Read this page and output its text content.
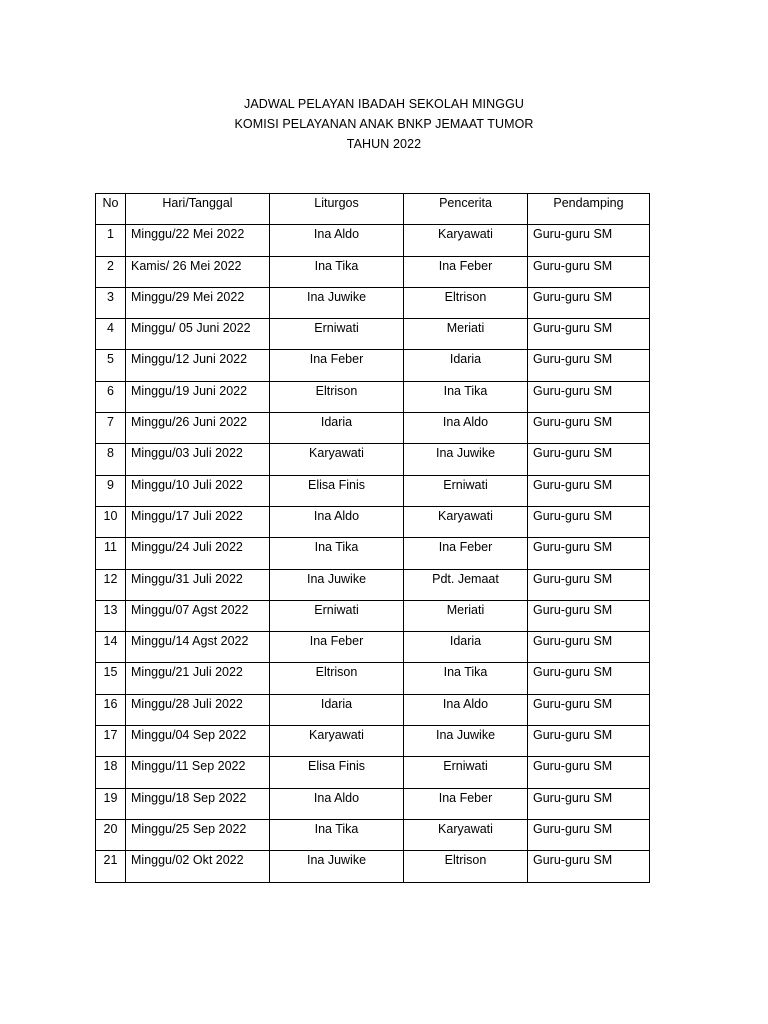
JADWAL PELAYAN IBADAH SEKOLAH MINGGU
KOMISI PELAYANAN ANAK BNKP JEMAAT TUMOR
TAHUN 2022
No	Hari/Tanggal	Liturgos	Pencerita	Pendamping
1	Minggu/22 Mei 2022	Ina Aldo	Karyawati	Guru-guru SM
2	Kamis/ 26 Mei 2022	Ina Tika	Ina Feber	Guru-guru SM
3	Minggu/29 Mei 2022	Ina Juwike	Eltrison	Guru-guru SM
4	Minggu/ 05 Juni 2022	Erniwati	Meriati	Guru-guru SM
5	Minggu/12 Juni 2022	Ina Feber	Idaria	Guru-guru SM
6	Minggu/19 Juni 2022	Eltrison	Ina Tika	Guru-guru SM
7	Minggu/26 Juni 2022	Idaria	Ina Aldo	Guru-guru SM
8	Minggu/03 Juli 2022	Karyawati	Ina Juwike	Guru-guru SM
9	Minggu/10 Juli 2022	Elisa Finis	Erniwati	Guru-guru SM
10	Minggu/17 Juli 2022	Ina Aldo	Karyawati	Guru-guru SM
11	Minggu/24 Juli 2022	Ina Tika	Ina Feber	Guru-guru SM
12	Minggu/31 Juli 2022	Ina Juwike	Pdt. Jemaat	Guru-guru SM
13	Minggu/07 Agst 2022	Erniwati	Meriati	Guru-guru SM
14	Minggu/14 Agst 2022	Ina Feber	Idaria	Guru-guru SM
15	Minggu/21 Juli 2022	Eltrison	Ina Tika	Guru-guru SM
16	Minggu/28 Juli 2022	Idaria	Ina Aldo	Guru-guru SM
17	Minggu/04 Sep 2022	Karyawati	Ina Juwike	Guru-guru SM
18	Minggu/11 Sep 2022	Elisa Finis	Erniwati	Guru-guru SM
19	Minggu/18 Sep 2022	Ina Aldo	Ina Feber	Guru-guru SM
20	Minggu/25 Sep 2022	Ina Tika	Karyawati	Guru-guru SM
21	Minggu/02 Okt 2022	Ina Juwike	Eltrison	Guru-guru SM
